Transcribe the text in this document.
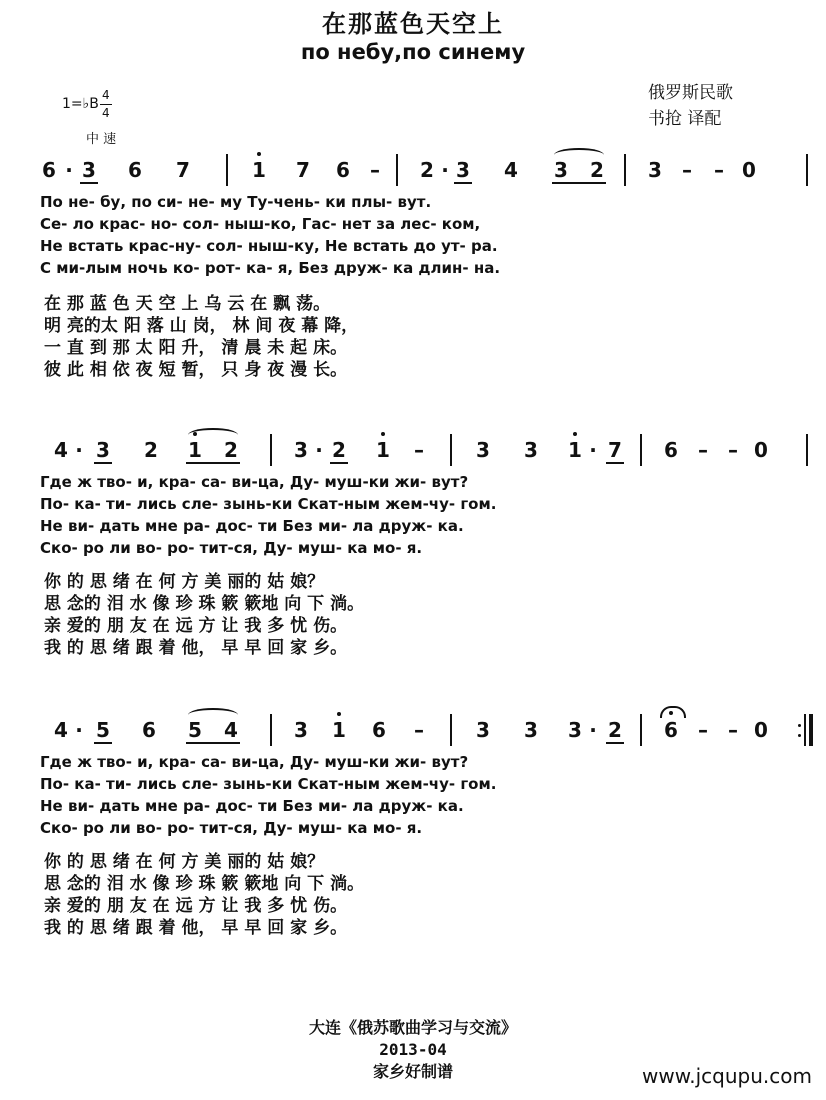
在那蓝色天空上
по небу,по синему
俄罗斯民歌
书抢 译配
1=♭B
4
4
中 速
6 · 3 6 7	1 7 6 – 2 · 3 4 3 2 3 – – 0
По не- бу, по си- не- му Ту-чень- ки плы- вут.
Се- ло крас- но- сол- ныш-ко, Гас- нет за лес- ком,
Не встать крас-ну- сол- ныш-ку, Не встать до ут- ра.
С ми-лым ночь ко- рот- ка- я, Без друж- ка длин- на.
在 那 蓝 色 天 空 上 乌 云 在 飘 荡。
明 亮的太 阳 落 山 岗， 林 间 夜 幕 降，
一 直 到 那 太 阳 升， 清 晨 未 起 床。
彼 此 相 依 夜 短 暂， 只 身 夜 漫 长。
4 · 3 2 1 2	3 · 2 1 –	3 3 1 · 7 6 – – 0
Где ж тво- и, кра- са- ви-ца, Ду- муш-ки жи- вут?
По- ка- ти- лись сле- зынь-ки Скат-ным жем-чу- гом.
Не ви- дать мне ра- дос- ти Без ми- ла друж- ка.
Ско- ро ли во- ро- тит-ся, Ду- муш- ка мо- я.
你 的 思 绪 在 何 方 美 丽的 姑 娘？
思 念的 泪 水 像 珍 珠 簌 簌地 向 下 淌。
亲 爱的 朋 友 在 远 方 让 我 多 忧 伤。
我 的 思 绪 跟 着 他， 早 早 回 家 乡。
4 · 5 6 5 4	3 1 6 –	3 3 3 · 2 6 – – 0
Где ж тво- и, кра- са- ви-ца, Ду- муш-ки жи- вут?
По- ка- ти- лись сле- зынь-ки Скат-ным жем-чу- гом.
Не ви- дать мне ра- дос- ти Без ми- ла друж- ка.
Ско- ро ли во- ро- тит-ся, Ду- муш- ка мо- я.
你 的 思 绪 在 何 方 美 丽的 姑 娘？
思 念的 泪 水 像 珍 珠 簌 簌地 向 下 淌。
亲 爱的 朋 友 在 远 方 让 我 多 忧 伤。
我 的 思 绪 跟 着 他， 早 早 回 家 乡。
大连《俄苏歌曲学习与交流》
2013-04
家乡好制谱	www.jcqupu.com
